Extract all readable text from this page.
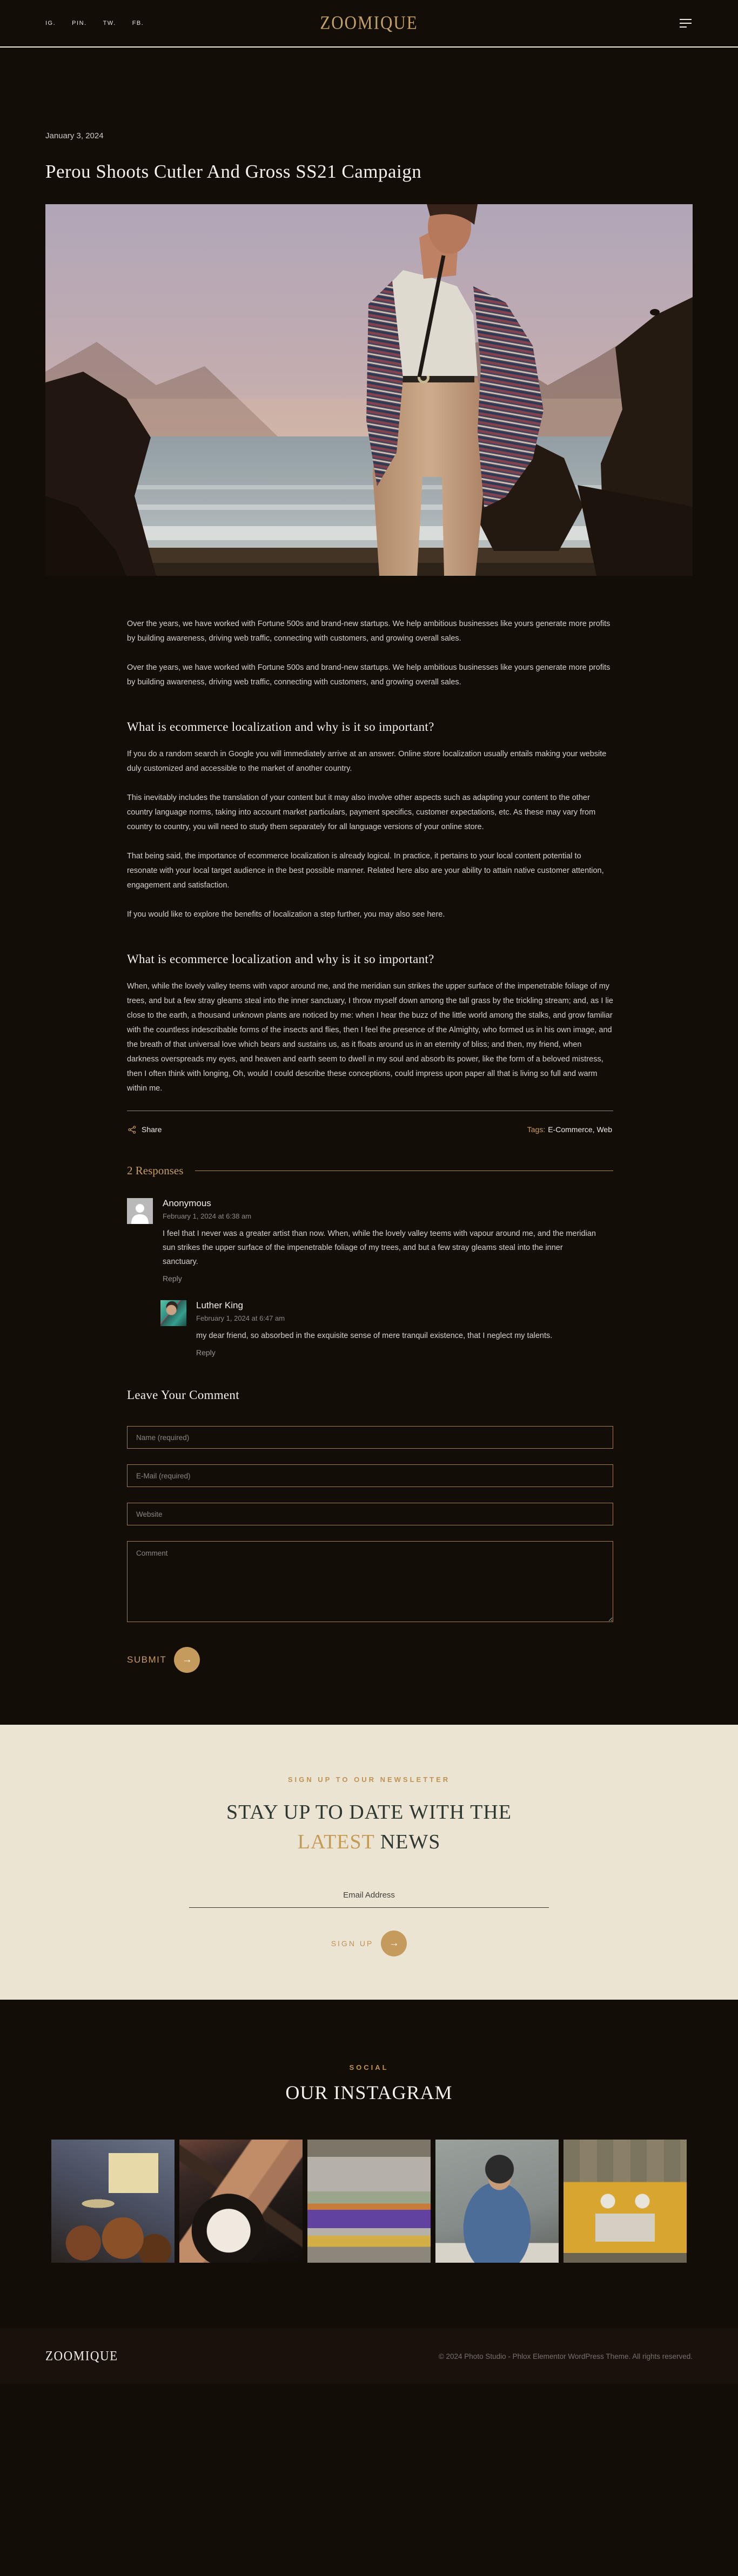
IG.	PIN.	TW.	FB.	ZOOMIQUE
January 3, 2024
Perou Shoots Cutler And Gross SS21 Campaign

Over the years, we have worked with Fortune 500s and brand-new startups. We help ambitious businesses like yours generate more profits by building awareness, driving web traffic, connecting with customers, and growing overall sales.

Over the years, we have worked with Fortune 500s and brand-new startups. We help ambitious businesses like yours generate more profits by building awareness, driving web traffic, connecting with customers, and growing overall sales.

What is ecommerce localization and why is it so important?

If you do a random search in Google you will immediately arrive at an answer. Online store localization usually entails making your website duly customized and accessible to the market of another country.

This inevitably includes the translation of your content but it may also involve other aspects such as adapting your content to the other country language norms, taking into account market particulars, payment specifics, customer expectations, etc. As these may vary from country to country, you will need to study them separately for all language versions of your online store.

That being said, the importance of ecommerce localization is already logical. In practice, it pertains to your local content potential to resonate with your local target audience in the best possible manner. Related here also are your ability to attain native customer attention, engagement and satisfaction.

If you would like to explore the benefits of localization a step further, you may also see here.

What is ecommerce localization and why is it so important?

When, while the lovely valley teems with vapor around me, and the meridian sun strikes the upper surface of the impenetrable foliage of my trees, and but a few stray gleams steal into the inner sanctuary, I throw myself down among the tall grass by the trickling stream; and, as I lie close to the earth, a thousand unknown plants are noticed by me: when I hear the buzz of the little world among the stalks, and grow familiar with the countless indescribable forms of the insects and flies, then I feel the presence of the Almighty, who formed us in his own image, and the breath of that universal love which bears and sustains us, as it floats around us in an eternity of bliss; and then, my friend, when darkness overspreads my eyes, and heaven and earth seem to dwell in my soul and absorb its power, like the form of a beloved mistress, then I often think with longing, Oh, would I could describe these conceptions, could impress upon paper all that is living so full and warm within me.

Share	Tags: E-Commerce, Web
2 Responses
Anonymous
February 1, 2024 at 6:38 am
I feel that I never was a greater artist than now. When, while the lovely valley teems with vapour around me, and the meridian sun strikes the upper surface of the impenetrable foliage of my trees, and but a few stray gleams steal into the inner sanctuary.
Reply
Luther King
February 1, 2024 at 6:47 am
my dear friend, so absorbed in the exquisite sense of mere tranquil existence, that I neglect my talents.
Reply
Leave Your Comment
Name (required)
E-Mail (required)
Website
Comment
SUBMIT →
SIGN UP TO OUR NEWSLETTER
STAY UP TO DATE WITH THE
LATEST NEWS
Email Address
SIGN UP →
SOCIAL
OUR INSTAGRAM
ZOOMIQUE	© 2024 Photo Studio - Phlox Elementor WordPress Theme. All rights reserved.
